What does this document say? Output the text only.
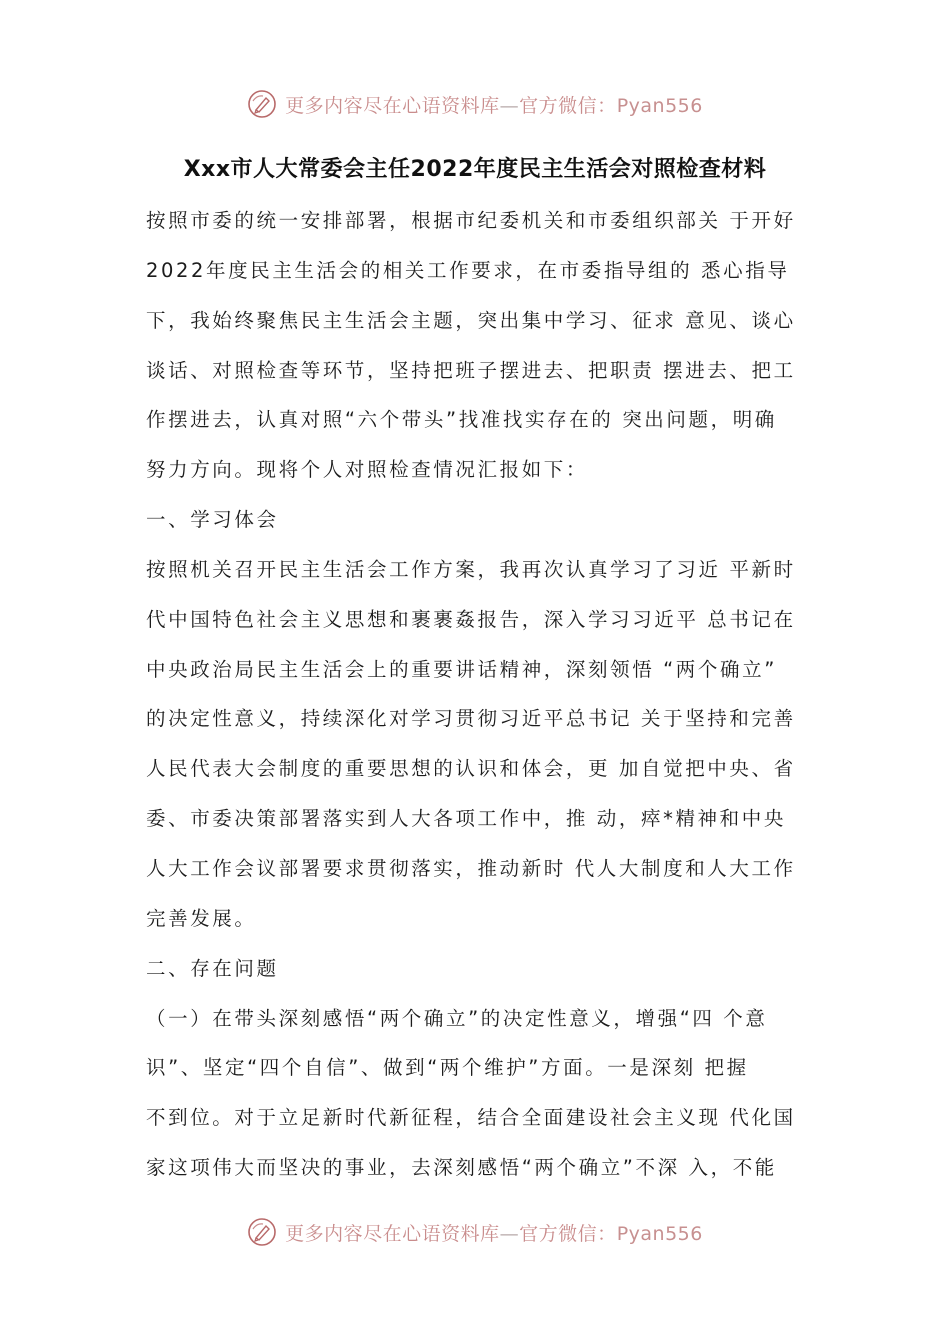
更多内容尽在心语资料库—官方微信：Pyan556
Xxx市人大常委会主任2022年度民主生活会对照检查材料
按照市委的统一安排部署，根据市纪委机关和市委组织部关 于开好
2022年度民主生活会的相关工作要求，在市委指导组的 悉心指导
下，我始终聚焦民主生活会主题，突出集中学习、征求 意见、谈心
谈话、对照检查等环节，坚持把班子摆进去、把职责 摆进去、把工
作摆进去，认真对照“六个带头”找准找实存在的 突出问题，明确
努力方向。现将个人对照检查情况汇报如下：
一、学习体会
按照机关召开民主生活会工作方案，我再次认真学习了习近 平新时
代中国特色社会主义思想和裹裹姦报告，深入学习习近平 总书记在
中央政治局民主生活会上的重要讲话精神，深刻领悟 “两个确立”
的决定性意义，持续深化对学习贯彻习近平总书记 关于坚持和完善
人民代表大会制度的重要思想的认识和体会，更 加自觉把中央、省
委、市委决策部署落实到人大各项工作中，推 动，瘁*精神和中央
人大工作会议部署要求贯彻落实，推动新时 代人大制度和人大工作
完善发展。
二、存在问题
（一）在带头深刻感悟“两个确立”的决定性意义，增强“四 个意
识”、坚定“四个自信”、做到“两个维护”方面。一是深刻 把握
不到位。对于立足新时代新征程，结合全面建设社会主义现 代化国
家这项伟大而坚决的事业，去深刻感悟“两个确立”不深 入，不能
更多内容尽在心语资料库—官方微信：Pyan556
